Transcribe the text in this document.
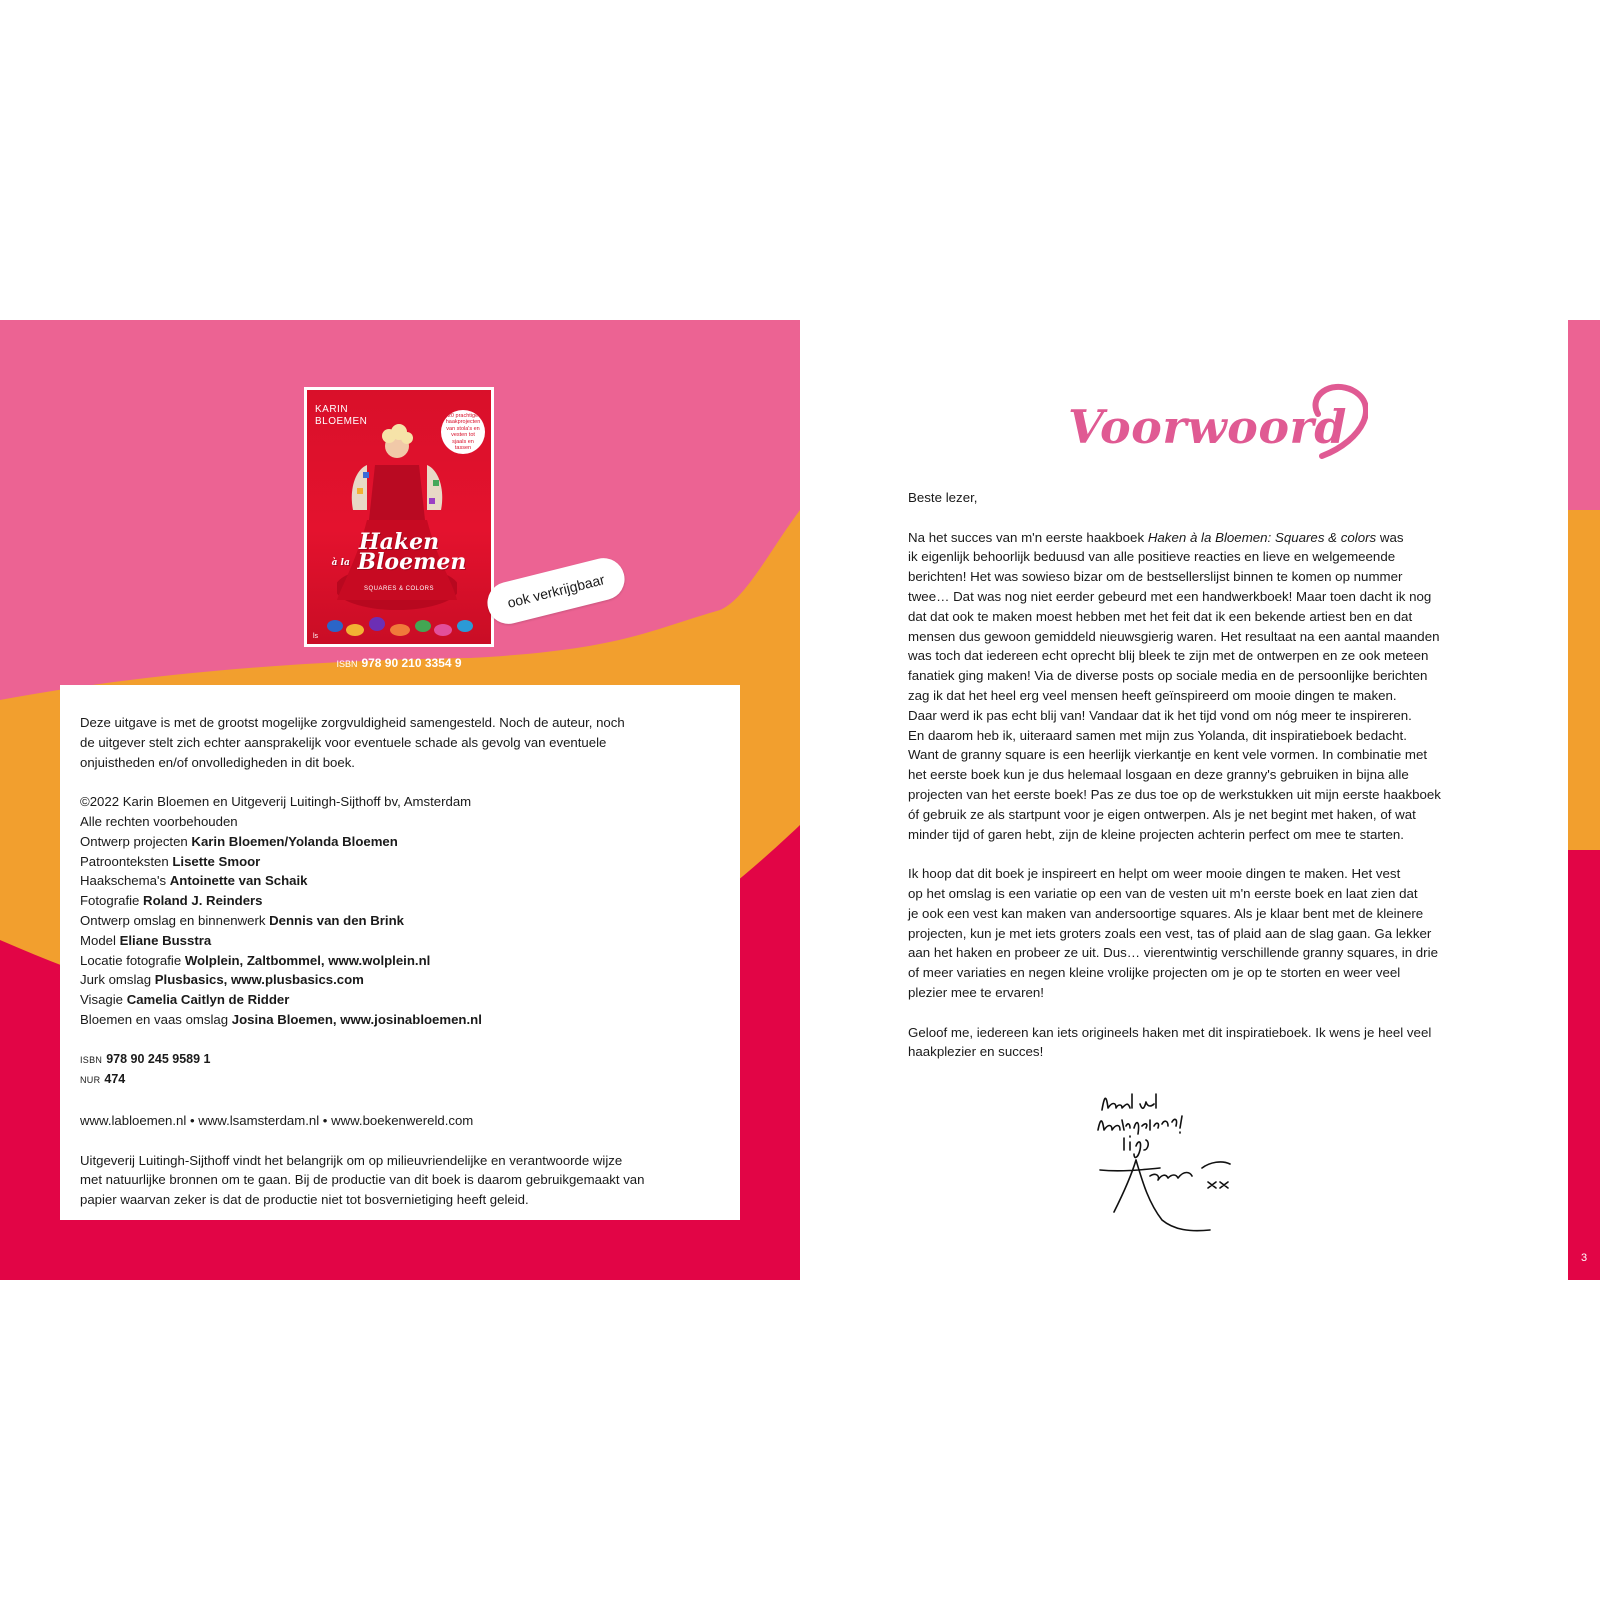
KARIN
BLOEMEN
20 prachtige haakprojecten van stola's en vesten tot sjaals en tassen
Haken
à la Bloemen
SQUARES & COLORS
ls
ook verkrijgbaar
ISBN 978 90 210 3354 9

Deze uitgave is met de grootst mogelijke zorgvuldigheid samengesteld. Noch de auteur, noch

de uitgever stelt zich echter aansprakelijk voor eventuele schade als gevolg van eventuele

onjuistheden en/of onvolledigheden in dit boek.

©2022 Karin Bloemen en Uitgeverij Luitingh-Sijthoff bv, Amsterdam

Alle rechten voorbehouden

Ontwerp projecten Karin Bloemen/Yolanda Bloemen

Patroonteksten Lisette Smoor

Haakschema's Antoinette van Schaik

Fotografie Roland J. Reinders

Ontwerp omslag en binnenwerk Dennis van den Brink

Model Eliane Busstra

Locatie fotografie Wolplein, Zaltbommel, www.wolplein.nl

Jurk omslag Plusbasics, www.plusbasics.com

Visagie Camelia Caitlyn de Ridder

Bloemen en vaas omslag Josina Bloemen, www.josinabloemen.nl

ISBN 978 90 245 9589 1

NUR 474

www.labloemen.nl • www.lsamsterdam.nl • www.boekenwereld.com

Uitgeverij Luitingh-Sijthoff vindt het belangrijk om op milieuvriendelijke en verantwoorde wijze

met natuurlijke bronnen om te gaan. Bij de productie van dit boek is daarom gebruikgemaakt van

papier waarvan zeker is dat de productie niet tot bosvernietiging heeft geleid.

3
Voorwoord

Beste lezer,

Na het succes van m'n eerste haakboek Haken à la Bloemen: Squares & colors was
ik eigenlijk behoorlijk beduusd van alle positieve reacties en lieve en welgemeende
berichten! Het was sowieso bizar om de bestsellerslijst binnen te komen op nummer
twee… Dat was nog niet eerder gebeurd met een handwerkboek! Maar toen dacht ik nog
dat dat ook te maken moest hebben met het feit dat ik een bekende artiest ben en dat
mensen dus gewoon gemiddeld nieuwsgierig waren. Het resultaat na een aantal maanden
was toch dat iedereen echt oprecht blij bleek te zijn met de ontwerpen en ze ook meteen
fanatiek ging maken! Via de diverse posts op sociale media en de persoonlijke berichten
zag ik dat het heel erg veel mensen heeft geïnspireerd om mooie dingen te maken.
Daar werd ik pas echt blij van! Vandaar dat ik het tijd vond om nóg meer te inspireren.
En daarom heb ik, uiteraard samen met mijn zus Yolanda, dit inspiratieboek bedacht.
Want de granny square is een heerlijk vierkantje en kent vele vormen. In combinatie met
het eerste boek kun je dus helemaal losgaan en deze granny's gebruiken in bijna alle
projecten van het eerste boek! Pas ze dus toe op de werkstukken uit mijn eerste haakboek
óf gebruik ze als startpunt voor je eigen ontwerpen. Als je net begint met haken, of wat
minder tijd of garen hebt, zijn de kleine projecten achterin perfect om mee te starten.
Ik hoop dat dit boek je inspireert en helpt om weer mooie dingen te maken. Het vest
op het omslag is een variatie op een van de vesten uit m'n eerste boek en laat zien dat
je ook een vest kan maken van andersoortige squares. Als je klaar bent met de kleinere
projecten, kun je met iets groters zoals een vest, tas of plaid aan de slag gaan. Ga lekker
aan het haken en probeer ze uit. Dus… vierentwintig verschillende granny squares, in drie
of meer variaties en negen kleine vrolijke projecten om je op te storten en weer veel
plezier mee te ervaren!
Geloof me, iedereen kan iets origineels haken met dit inspiratieboek. Ik wens je heel veel
haakplezier en succes!
